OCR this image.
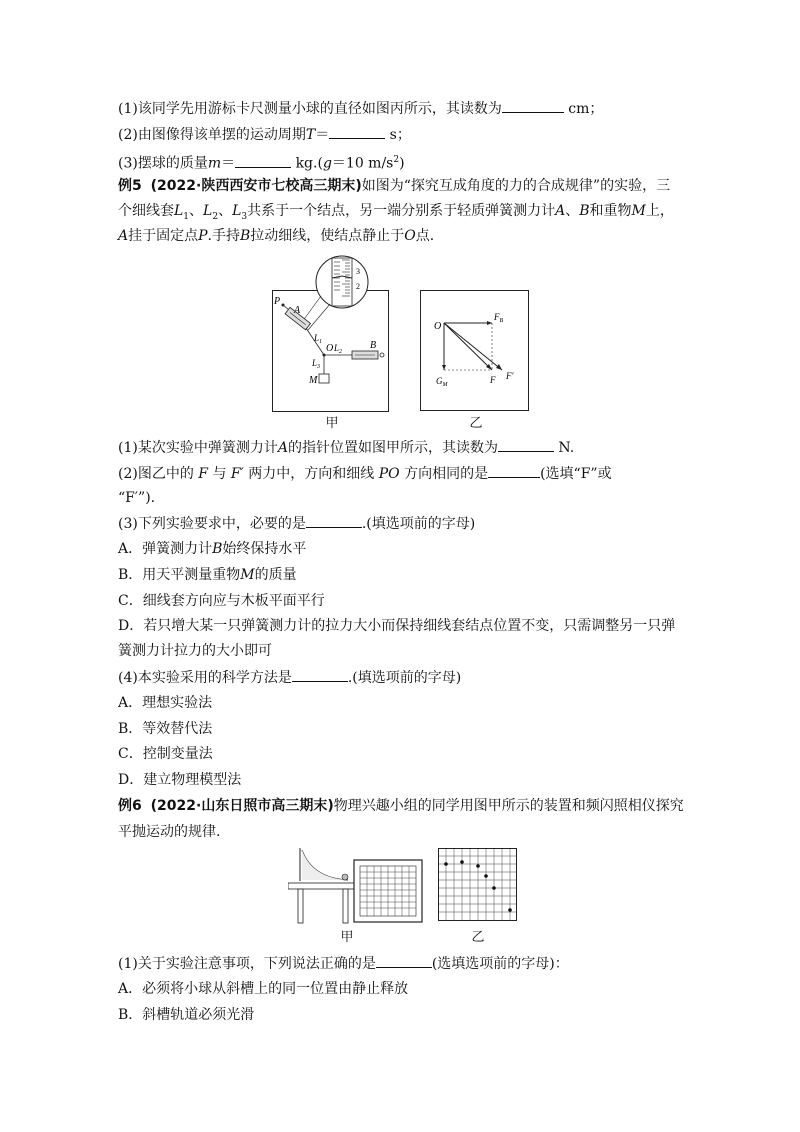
(1)该同学先用游标卡尺测量小球的直径如图丙所示，其读数为	cm；
(2)由图像得该单摆的运动周期T＝	s；
(3)摆球的质量m＝	kg.(g＝10 $m/s^2$)
例5 (2022·陕西西安市七校高三期末)如图为“探究互成角度的力的合成规律”的实验，三
个细线套$L_1$、$L_2$、$L_3$共系于一个结点，另一端分别系于轻质弹簧测力计A、B和重物M上，
A挂于固定点P.手持B拉动细线，使结点静止于O点.
3
2
P
A
$L_1$
O $L_2$
B
$L_3$
M
甲
O
$F_B$
$G_M$	F F′
乙
(1)某次实验中弹簧测力计A的指针位置如图甲所示，其读数为	N.
(2)图乙中的 F 与 F′ 两力中，方向和细线 PO 方向相同的是	(选填“F”或
“F′”).
(3)下列实验要求中，必要的是	.(填选项前的字母)
A．弹簧测力计B始终保持水平
B．用天平测量重物M的质量
C．细线套方向应与木板平面平行
D．若只增大某一只弹簧测力计的拉力大小而保持细线套结点位置不变，只需调整另一只弹
簧测力计拉力的大小即可
(4)本实验采用的科学方法是	.(填选项前的字母)
A．理想实验法
B．等效替代法
C．控制变量法
D．建立物理模型法
例6 (2022·山东日照市高三期末)物理兴趣小组的同学用图甲所示的装置和频闪照相仪探究
平抛运动的规律.
甲	乙
(1)关于实验注意事项，下列说法正确的是	(选填选项前的字母)：
A．必须将小球从斜槽上的同一位置由静止释放
B．斜槽轨道必须光滑
